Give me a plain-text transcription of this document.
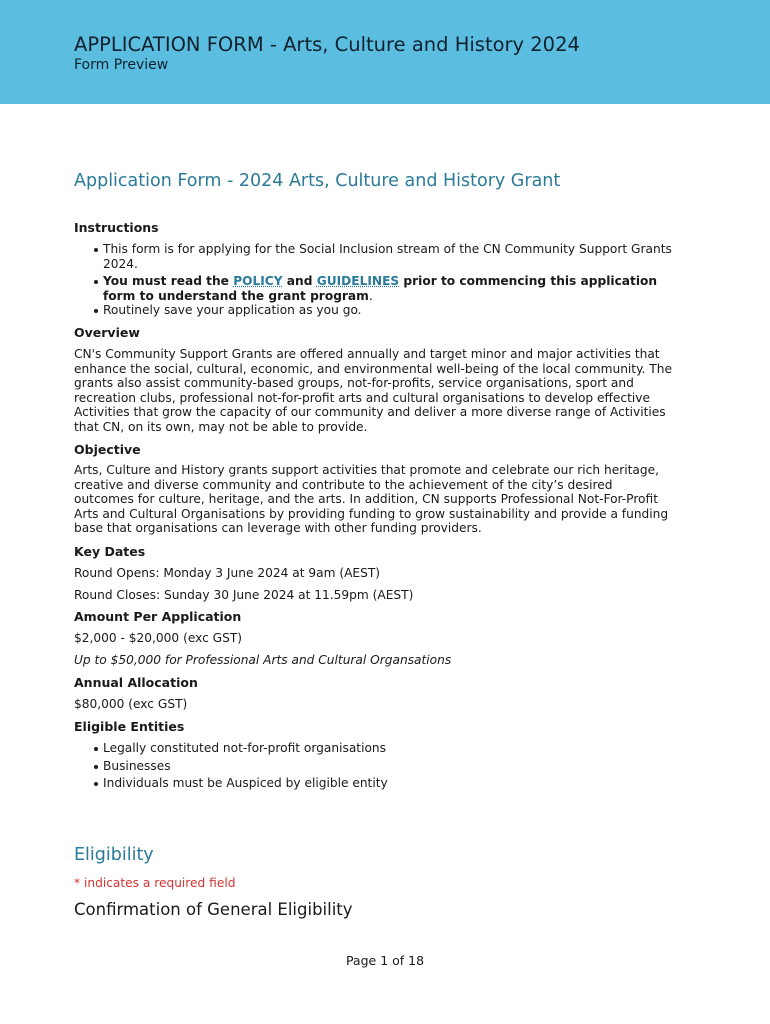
APPLICATION FORM - Arts, Culture and History 2024
Form Preview
Application Form - 2024 Arts, Culture and History Grant
Instructions
This form is for applying for the Social Inclusion stream of the CN Community Support Grants 2024.
You must read the POLICY and GUIDELINES prior to commencing this application form to understand the grant program.
Routinely save your application as you go.
Overview
CN's Community Support Grants are offered annually and target minor and major activities that enhance the social, cultural, economic, and environmental well-being of the local community. The grants also assist community-based groups, not-for-profits, service organisations, sport and recreation clubs, professional not-for-profit arts and cultural organisations to develop effective Activities that grow the capacity of our community and deliver a more diverse range of Activities that CN, on its own, may not be able to provide.
Objective
Arts, Culture and History grants support activities that promote and celebrate our rich heritage, creative and diverse community and contribute to the achievement of the city’s desired outcomes for culture, heritage, and the arts. In addition, CN supports Professional Not-For-Profit Arts and Cultural Organisations by providing funding to grow sustainability and provide a funding base that organisations can leverage with other funding providers.
Key Dates
Round Opens: Monday 3 June 2024 at 9am (AEST)
Round Closes: Sunday 30 June 2024 at 11.59pm (AEST)
Amount Per Application
$2,000 - $20,000 (exc GST)
Up to $50,000 for Professional Arts and Cultural Organsations
Annual Allocation
$80,000 (exc GST)
Eligible Entities
Legally constituted not-for-profit organisations
Businesses
Individuals must be Auspiced by eligible entity
Eligibility
* indicates a required field
Confirmation of General Eligibility
Page 1 of 18
